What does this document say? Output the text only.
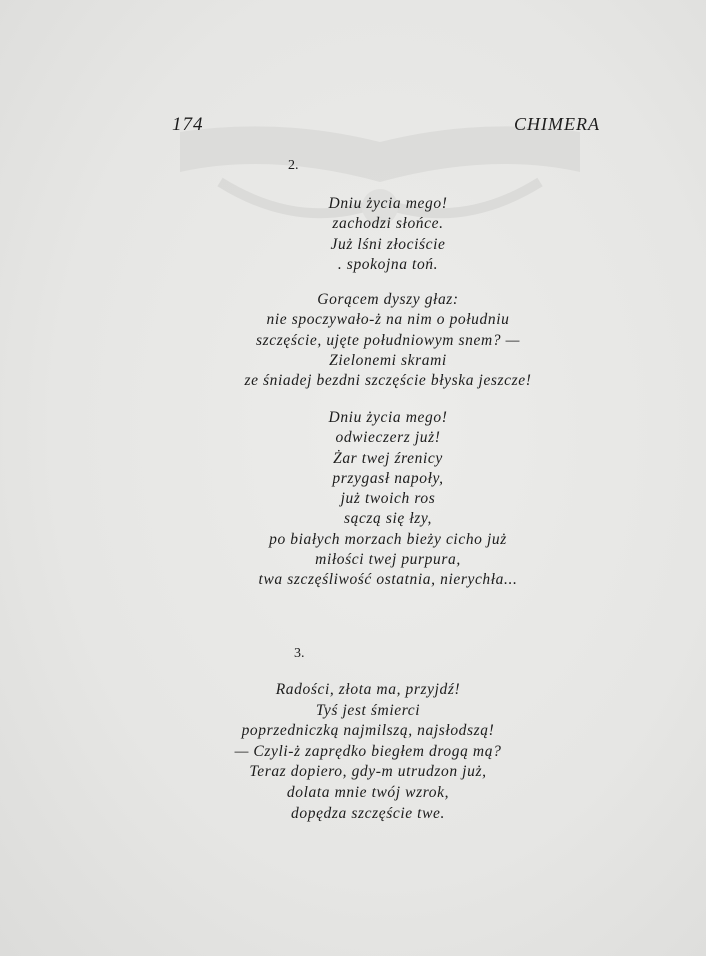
174	CHIMERA
2.
Dniu życia mego!
zachodzi słońce.
Już lśni złociście
. spokojna toń.
Gorącem dyszy głaz:
nie spoczywało-ż na nim o południu
szczęście, ujęte południowym snem? —
Zielonemi skrami
ze śniadej bezdni szczęście błyska jeszcze!
Dniu życia mego!
odwieczerz już!
Żar twej źrenicy
przygasł napoły,
już twoich ros
sączą się łzy,
po białych morzach bieży cicho już
miłości twej purpura,
twa szczęśliwość ostatnia, nierychła...
3.
Radości, złota ma, przyjdź!
Tyś jest śmierci
poprzedniczką najmilszą, najsłodszą!
— Czyli-ż zaprędko biegłem drogą mą?
Teraz dopiero, gdy-m utrudzon już,
dolata mnie twój wzrok,
dopędza szczęście twe.
